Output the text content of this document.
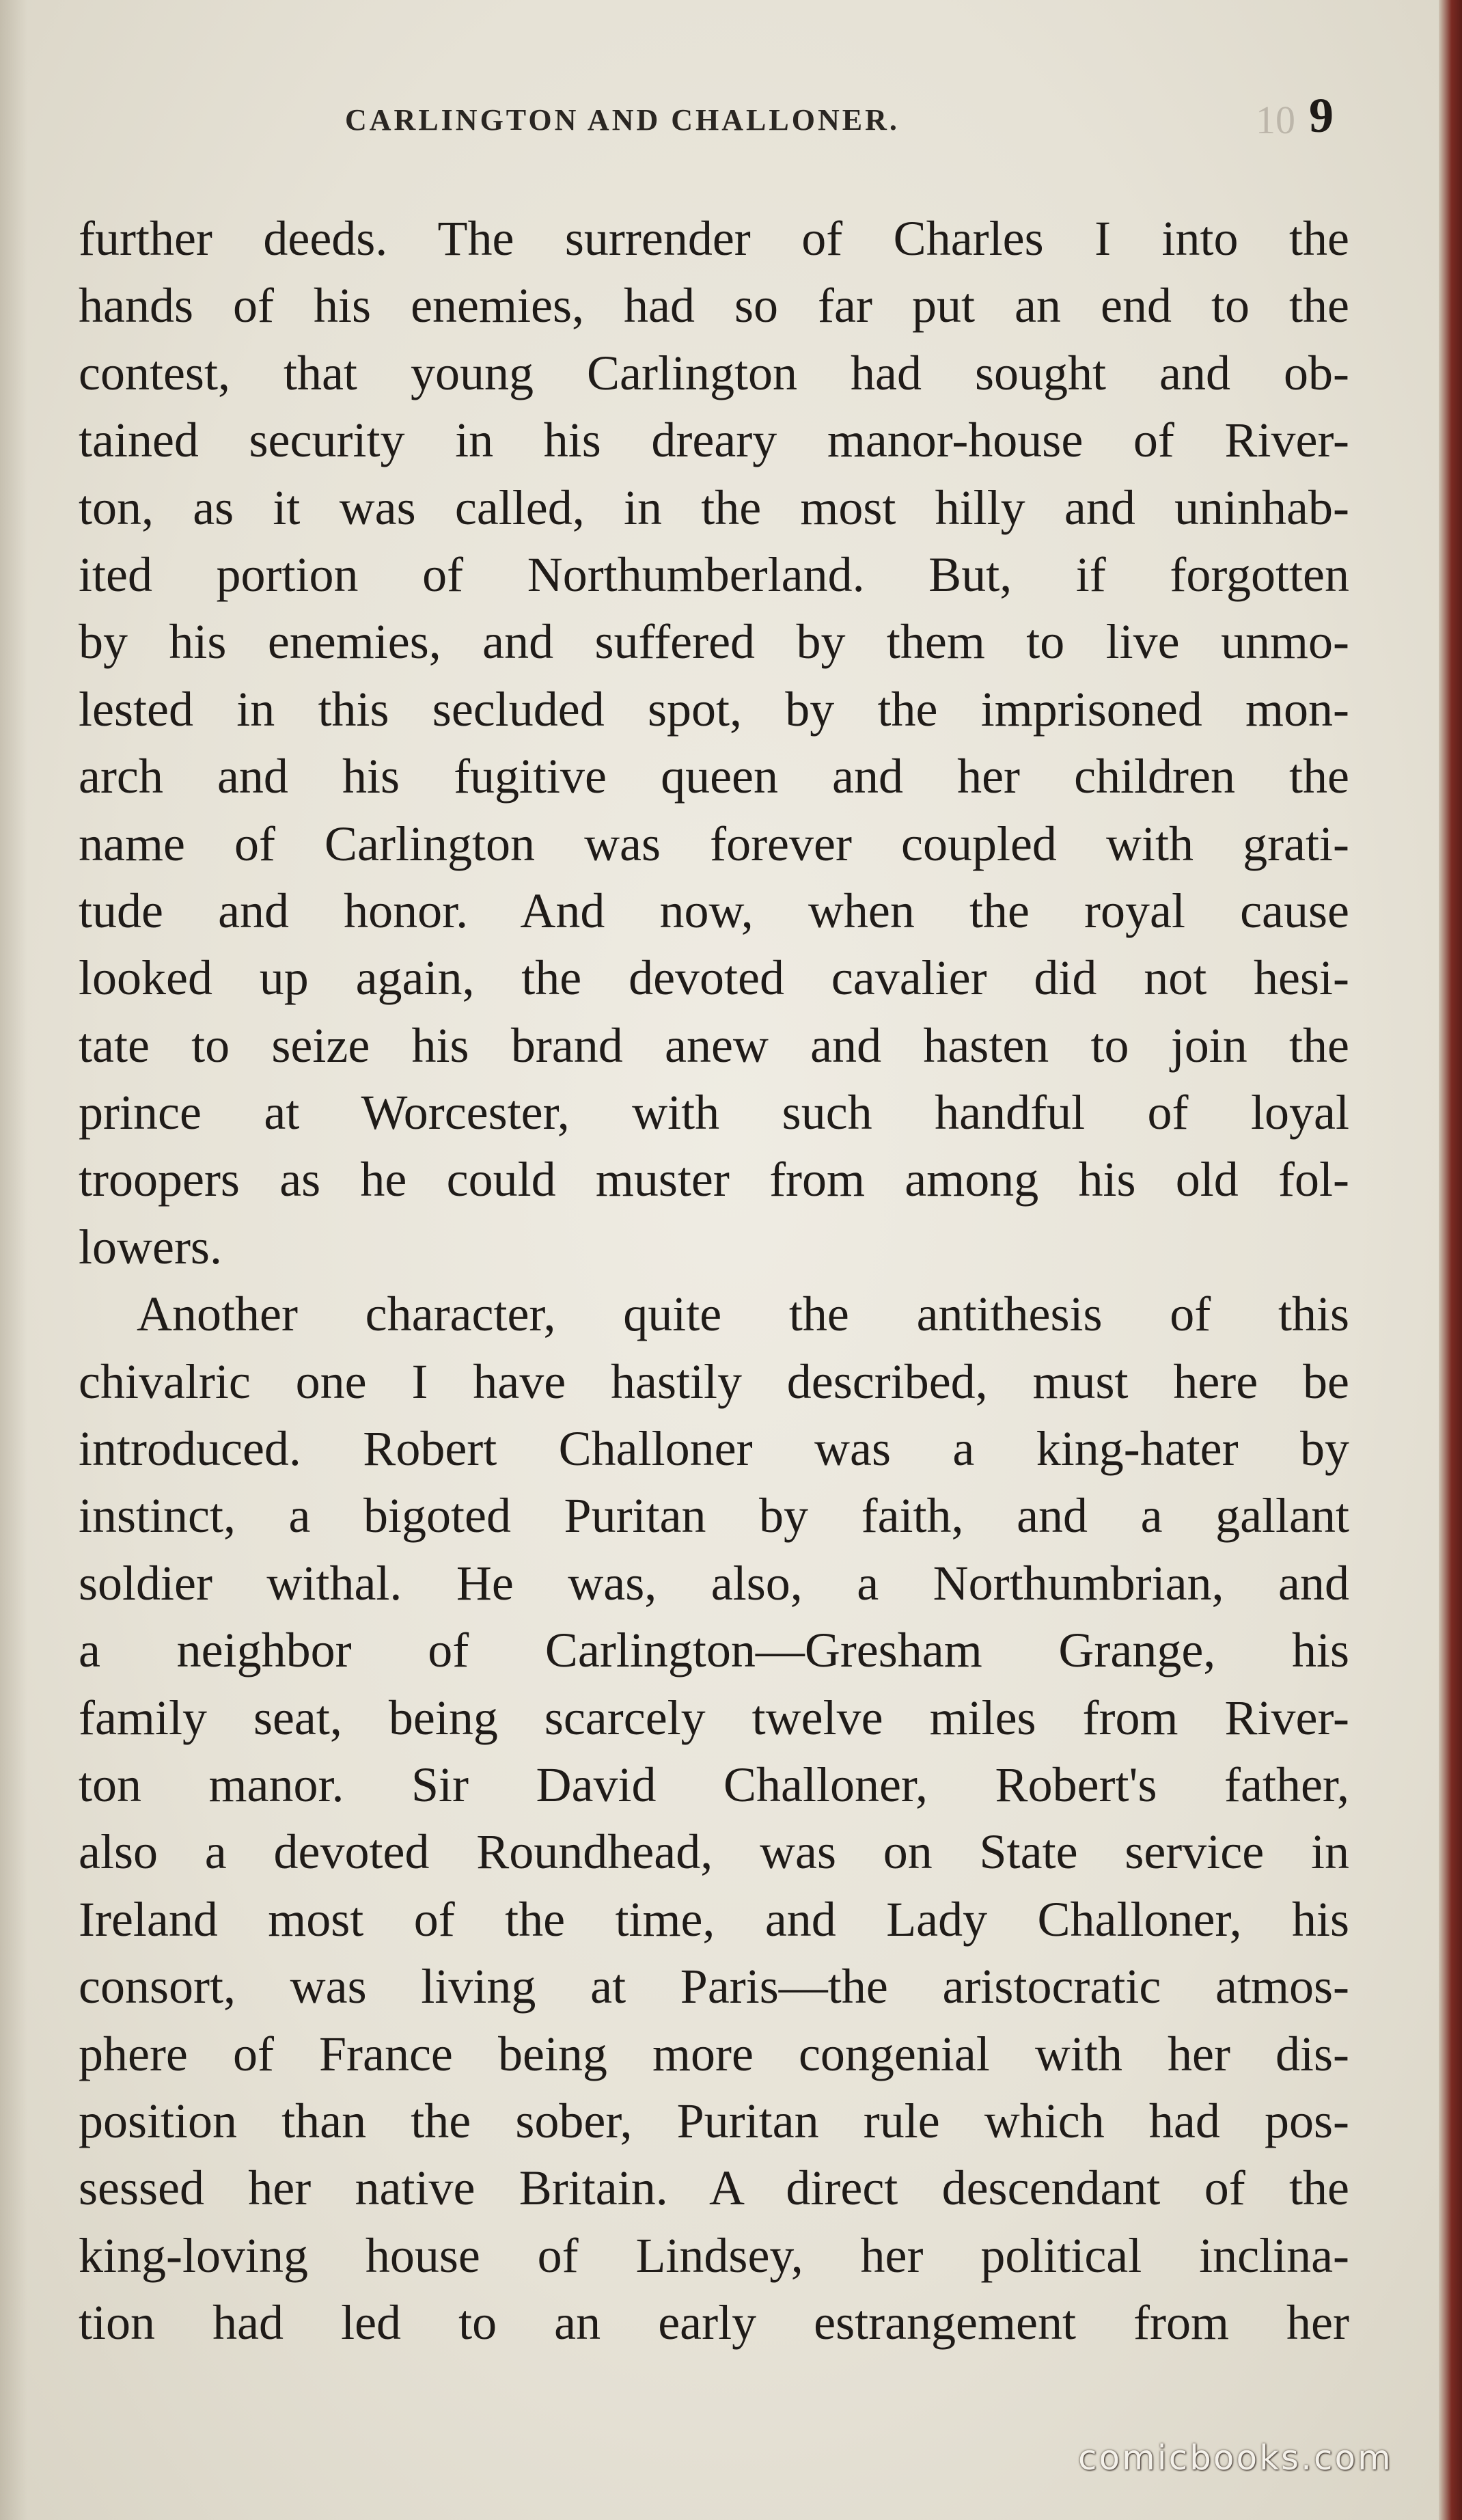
CARLINGTON AND CHALLONER.	10 9
further deeds. The surrender of Charles I into the
hands of his enemies, had so far put an end to the
contest, that young Carlington had sought and ob-
tained security in his dreary manor-house of River-
ton, as it was called, in the most hilly and uninhab-
ited portion of Northumberland. But, if forgotten
by his enemies, and suffered by them to live unmo-
lested in this secluded spot, by the imprisoned mon-
arch and his fugitive queen and her children the
name of Carlington was forever coupled with grati-
tude and honor. And now, when the royal cause
looked up again, the devoted cavalier did not hesi-
tate to seize his brand anew and hasten to join the
prince at Worcester, with such handful of loyal
troopers as he could muster from among his old fol-
lowers.
Another character, quite the antithesis of this
chivalric one I have hastily described, must here be
introduced. Robert Challoner was a king-hater by
instinct, a bigoted Puritan by faith, and a gallant
soldier withal. He was, also, a Northumbrian, and
a neighbor of Carlington—Gresham Grange, his
family seat, being scarcely twelve miles from River-
ton manor. Sir David Challoner, Robert's father,
also a devoted Roundhead, was on State service in
Ireland most of the time, and Lady Challoner, his
consort, was living at Paris—the aristocratic atmos-
phere of France being more congenial with her dis-
position than the sober, Puritan rule which had pos-
sessed her native Britain. A direct descendant of the
king-loving house of Lindsey, her political inclina-
tion had led to an early estrangement from her
comicbooks.com
